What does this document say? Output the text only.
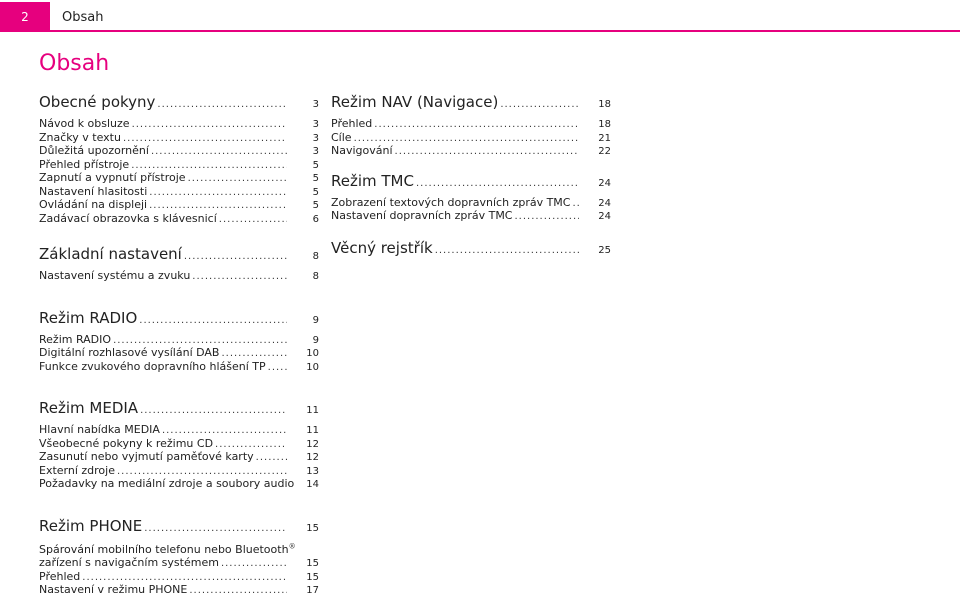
2	Obsah
Obsah
Obecné pokyny .....	3
Návod k obsluze .....	3
Značky v textu .....	3
Důležitá upozornění .....	3
Přehled přístroje .....	5
Zapnutí a vypnutí přístroje .....	5
Nastavení hlasitosti .....	5
Ovládání na displeji .....	5
Zadávací obrazovka s klávesnicí .....	6
Základní nastavení .....	8
Nastavení systému a zvuku .....	8
Režim RADIO .....	9
Režim RADIO .....	9
Digitální rozhlasové vysílání DAB .....	10
Funkce zvukového dopravního hlášení TP .....	10
Režim MEDIA .....	11
Hlavní nabídka MEDIA .....	11
Všeobecné pokyny k režimu CD .....	12
Zasunutí nebo vyjmutí paměťové karty .....	12
Externí zdroje .....	13
Požadavky na mediální zdroje a soubory audio	14
Režim PHONE .....	15
Spárování mobilního telefonu nebo Bluetooth®
zařízení s navigačním systémem .....	15
Přehled .....	15
Nastavení v režimu PHONE .....	17
Režim NAV (Navigace) .....	18
Přehled .....	18
Cíle .....	21
Navigování .....	22
Režim TMC .....	24
Zobrazení textových dopravních zpráv TMC .....	24
Nastavení dopravních zpráv TMC .....	24
Věcný rejstřík .....	25
